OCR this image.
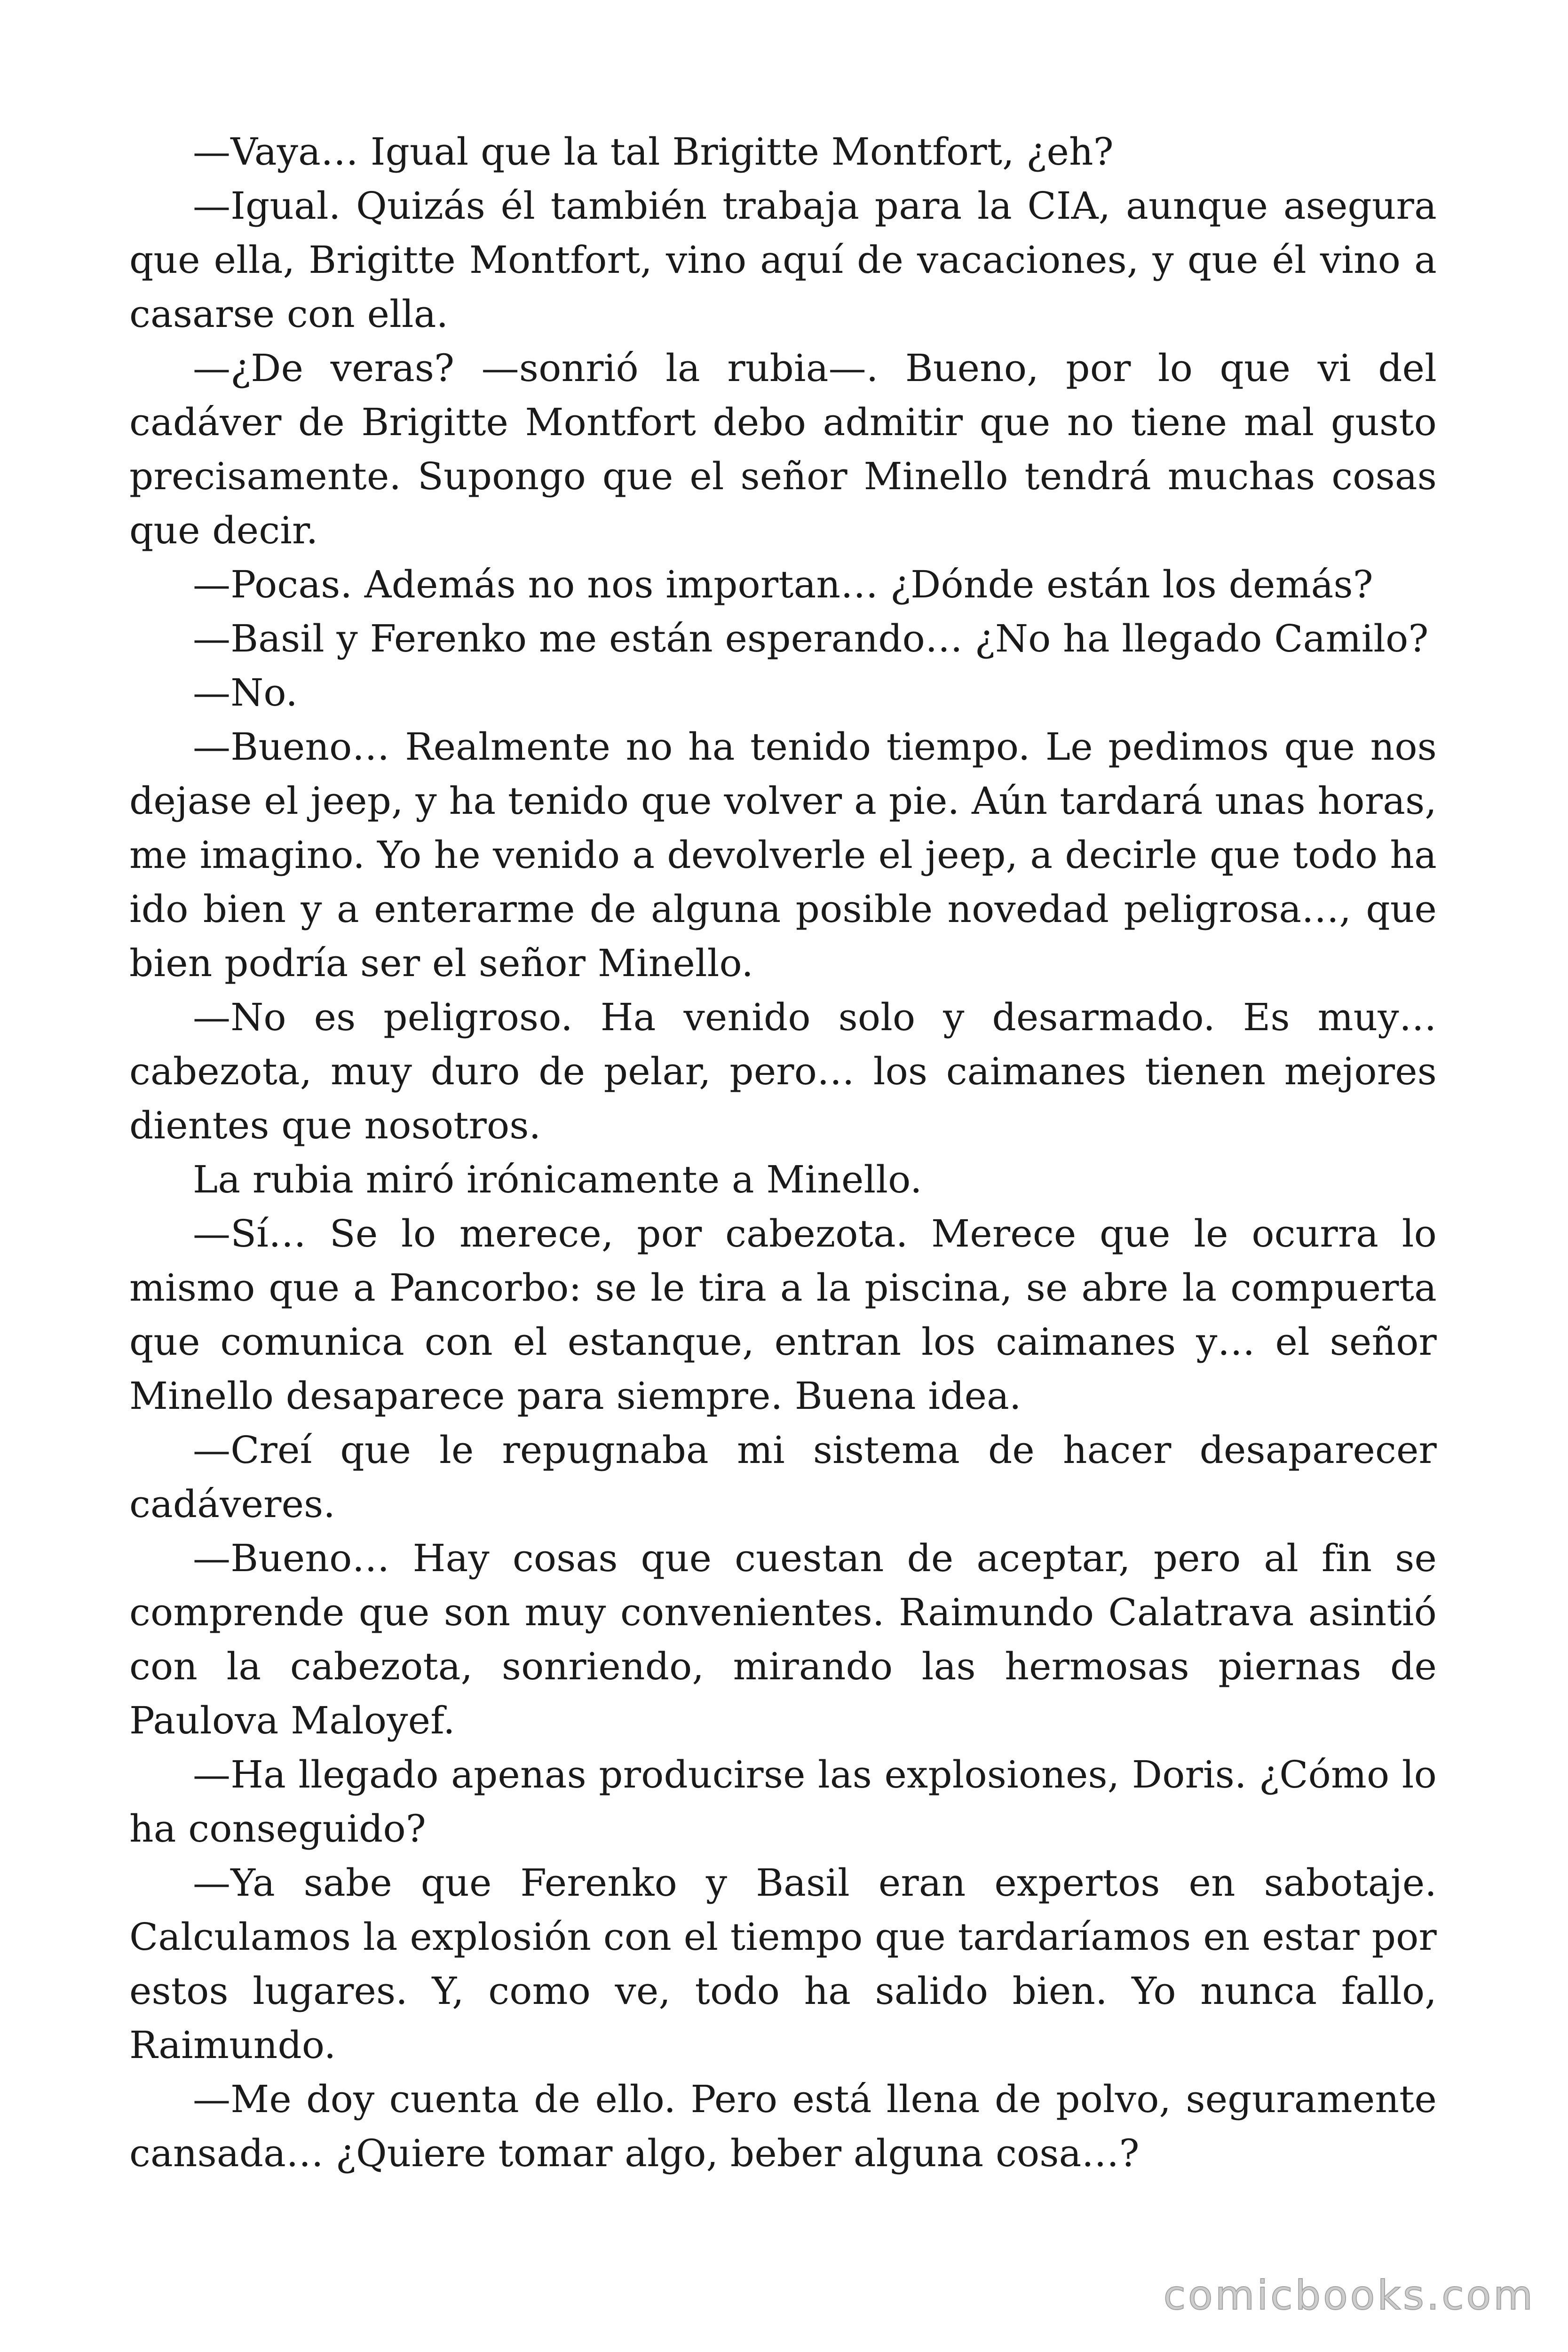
—Vaya… Igual que la tal Brigitte Montfort, ¿eh?

—Igual. Quizás él también trabaja para la CIA, aunque asegura que ella, Brigitte Montfort, vino aquí de vacaciones, y que él vino a casarse con ella.

—¿De veras? —sonrió la rubia—. Bueno, por lo que vi del cadáver de Brigitte Montfort debo admitir que no tiene mal gusto precisamente. Supongo que el señor Minello tendrá muchas cosas que decir.

—Pocas. Además no nos importan… ¿Dónde están los demás?

—Basil y Ferenko me están esperando… ¿No ha llegado Camilo?

—No.

—Bueno… Realmente no ha tenido tiempo. Le pedimos que nos dejase el jeep, y ha tenido que volver a pie. Aún tardará unas horas, me imagino. Yo he venido a devolverle el jeep, a decirle que todo ha ido bien y a enterarme de alguna posible novedad peligrosa…, que bien podría ser el señor Minello.

—No es peligroso. Ha venido solo y desarmado. Es muy… cabezota, muy duro de pelar, pero… los caimanes tienen mejores dientes que nosotros.

La rubia miró irónicamente a Minello.

—Sí… Se lo merece, por cabezota. Merece que le ocurra lo mismo que a Pancorbo: se le tira a la piscina, se abre la compuerta que comunica con el estanque, entran los caimanes y… el señor Minello desaparece para siempre. Buena idea.

—Creí que le repugnaba mi sistema de hacer desaparecer cadáveres.

—Bueno… Hay cosas que cuestan de aceptar, pero al fin se comprende que son muy convenientes. Raimundo Calatrava asintió con la cabezota, sonriendo, mirando las hermosas piernas de Paulova Maloyef.

—Ha llegado apenas producirse las explosiones, Doris. ¿Cómo lo ha conseguido?

—Ya sabe que Ferenko y Basil eran expertos en sabotaje. Calculamos la explosión con el tiempo que tardaríamos en estar por estos lugares. Y, como ve, todo ha salido bien. Yo nunca fallo, Raimundo.

—Me doy cuenta de ello. Pero está llena de polvo, seguramente cansada… ¿Quiere tomar algo, beber alguna cosa…?

comicbooks.com
